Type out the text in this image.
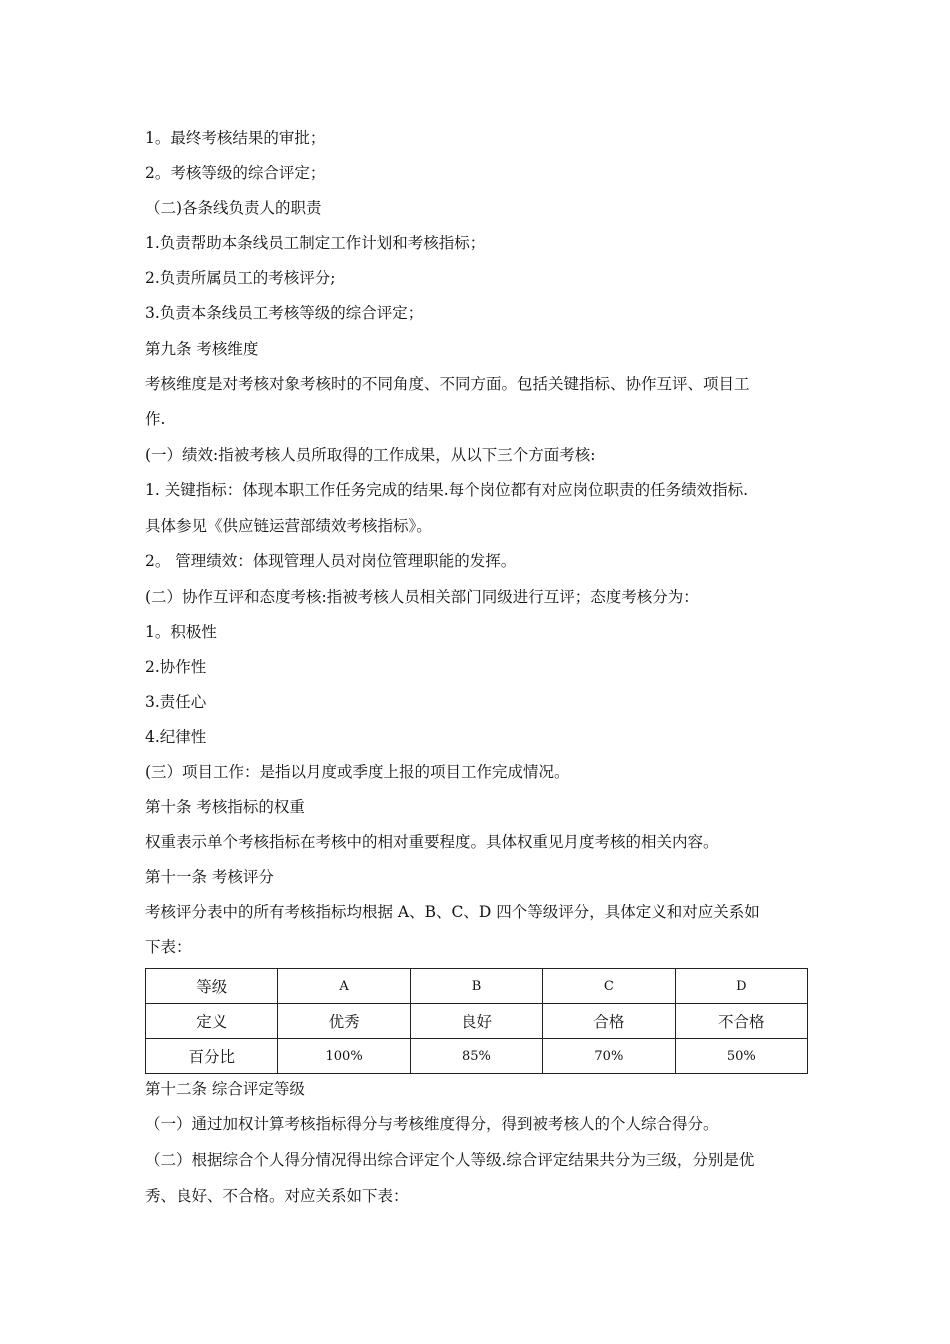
1。最终考核结果的审批；
2。考核等级的综合评定；
（二)各条线负责人的职责
1.负责帮助本条线员工制定工作计划和考核指标；
2.负责所属员工的考核评分;
3.负责本条线员工考核等级的综合评定；
第九条 考核维度
考核维度是对考核对象考核时的不同角度、不同方面。包括关键指标、协作互评、项目工
作.
(一）绩效:指被考核人员所取得的工作成果，从以下三个方面考核:
1. 关键指标：体现本职工作任务完成的结果.每个岗位都有对应岗位职责的任务绩效指标.
具体参见《供应链运营部绩效考核指标》。
2。 管理绩效：体现管理人员对岗位管理职能的发挥。
(二）协作互评和态度考核:指被考核人员相关部门同级进行互评；态度考核分为：
1。积极性
2.协作性
3.责任心
4.纪律性
(三）项目工作：是指以月度或季度上报的项目工作完成情况。
第十条 考核指标的权重
权重表示单个考核指标在考核中的相对重要程度。具体权重见月度考核的相关内容。
第十一条 考核评分
考核评分表中的所有考核指标均根据 A、B、C、D 四个等级评分，具体定义和对应关系如
下表：
等级	A	B	C	D
定义	优秀	良好	合格	不合格
百分比	100%	85%	70%	50%
第十二条 综合评定等级
（一）通过加权计算考核指标得分与考核维度得分，得到被考核人的个人综合得分。
（二）根据综合个人得分情况得出综合评定个人等级.综合评定结果共分为三级，分别是优
秀、良好、不合格。对应关系如下表：
